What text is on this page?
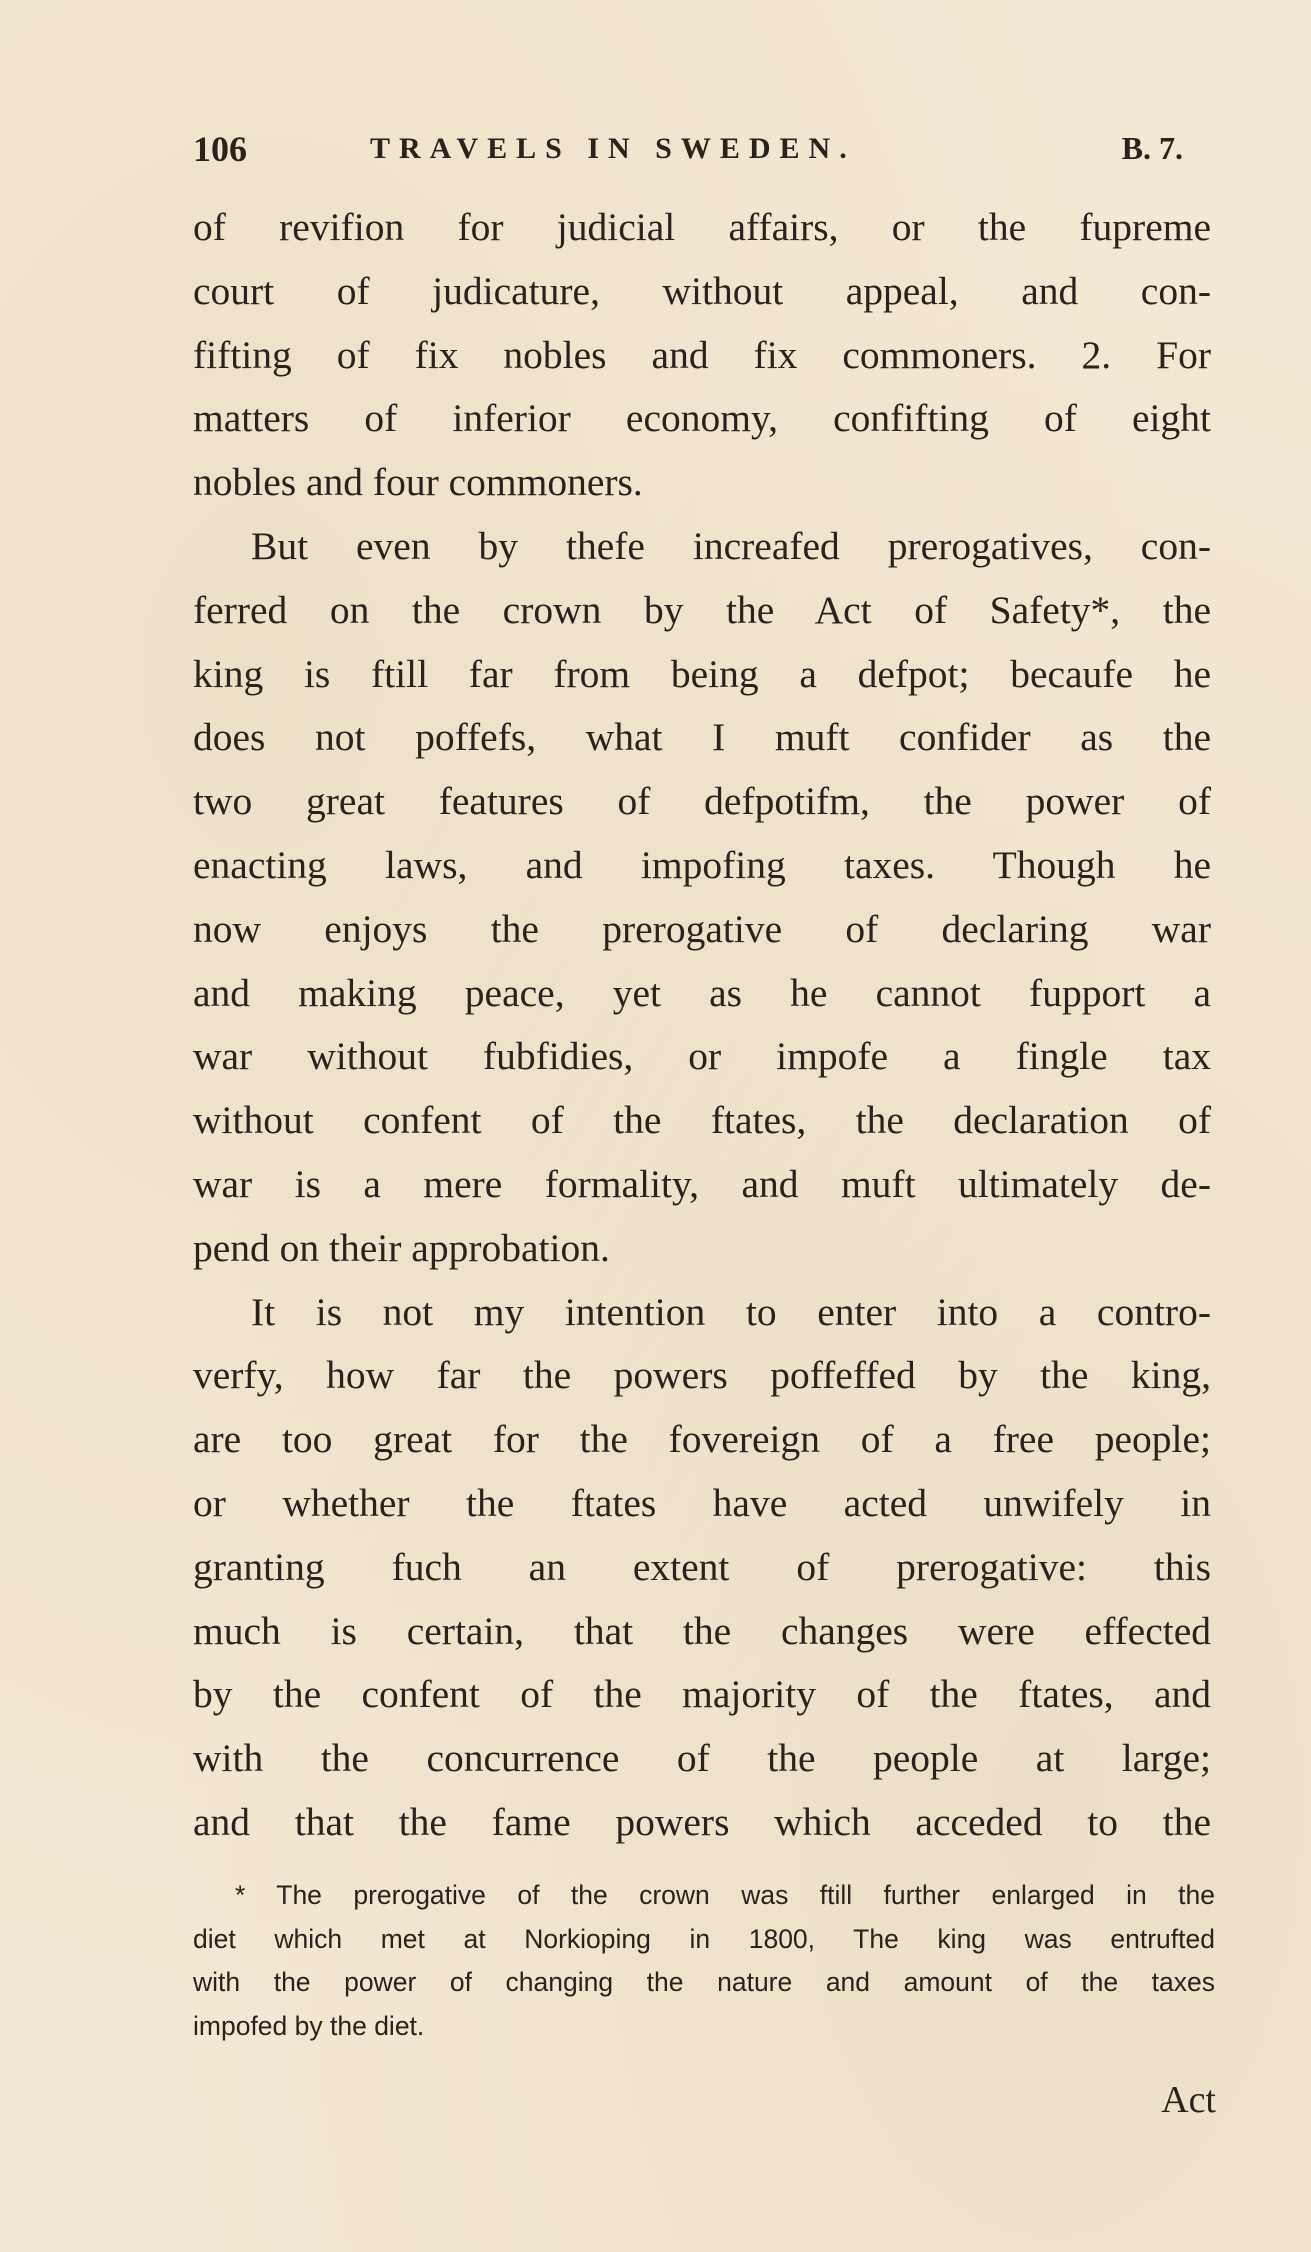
106	TRAVELS IN SWEDEN.	B. 7.
of revifion for judicial affairs, or the fupreme
court of judicature, without appeal, and con-
fifting of fix nobles and fix commoners. 2. For
matters of inferior economy, confifting of eight
nobles and four commoners.
But even by thefe increafed prerogatives, con-
ferred on the crown by the Act of Safety*, the
king is ftill far from being a defpot; becaufe he
does not poffefs, what I muft confider as the
two great features of defpotifm, the power of
enacting laws, and impofing taxes. Though he
now enjoys the prerogative of declaring war
and making peace, yet as he cannot fupport a
war without fubfidies, or impofe a fingle tax
without confent of the ftates, the declaration of
war is a mere formality, and muft ultimately de-
pend on their approbation.
It is not my intention to enter into a contro-
verfy, how far the powers poffeffed by the king,
are too great for the fovereign of a free people;
or whether the ftates have acted unwifely in
granting fuch an extent of prerogative: this
much is certain, that the changes were effected
by the confent of the majority of the ftates, and
with the concurrence of the people at large;
and that the fame powers which acceded to the
* The prerogative of the crown was ftill further enlarged in the
diet which met at Norkioping in 1800, The king was entrufted
with the power of changing the nature and amount of the taxes
impofed by the diet.
Act
